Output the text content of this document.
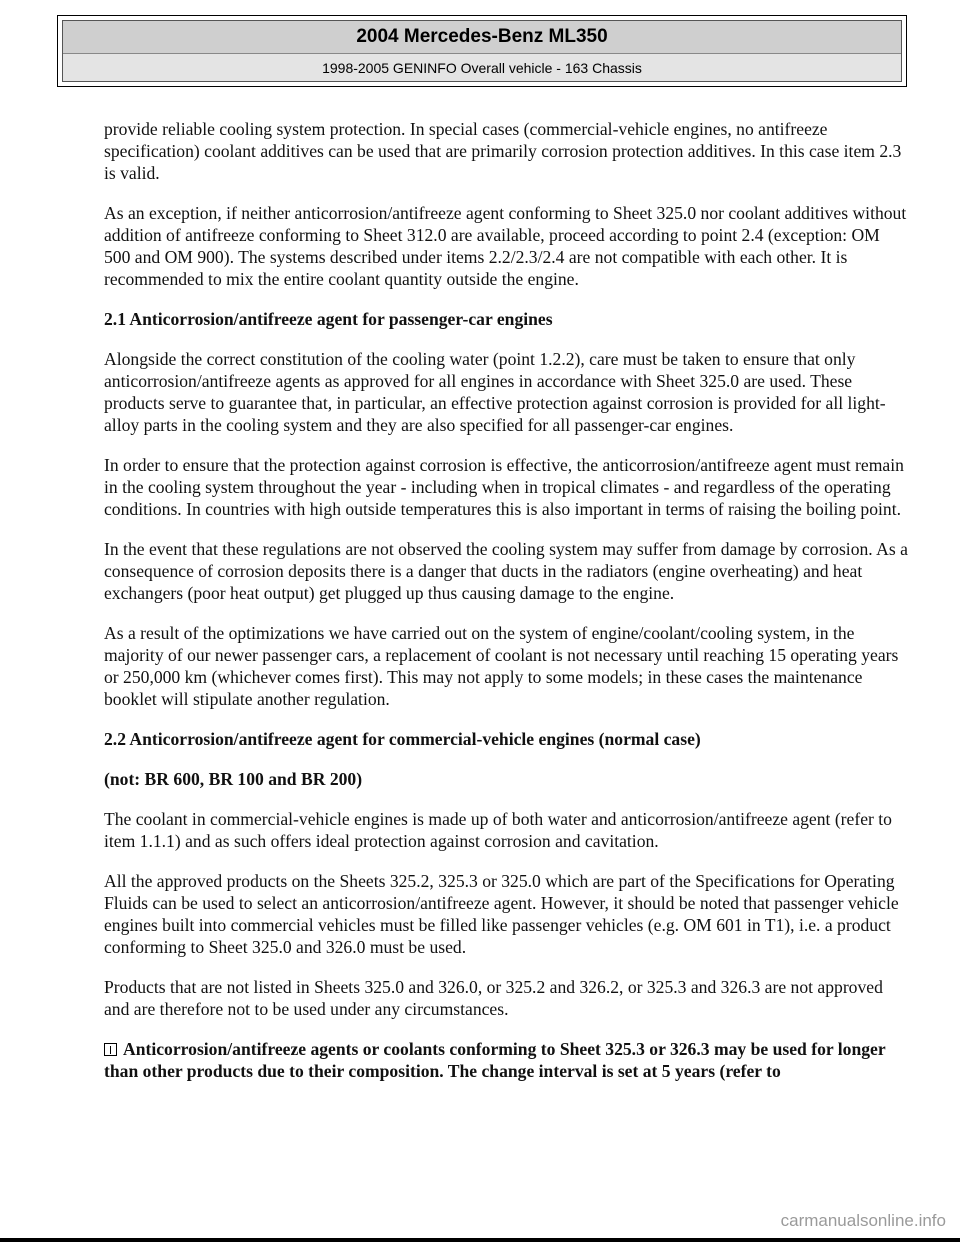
2004 Mercedes-Benz ML350
1998-2005 GENINFO Overall vehicle - 163 Chassis

provide reliable cooling system protection. In special cases (commercial-vehicle engines, no antifreeze specification) coolant additives can be used that are primarily corrosion protection additives. In this case item 2.3 is valid.

As an exception, if neither anticorrosion/antifreeze agent conforming to Sheet 325.0 nor coolant additives without addition of antifreeze conforming to Sheet 312.0 are available, proceed according to point 2.4 (exception: OM 500 and OM 900). The systems described under items 2.2/2.3/2.4 are not compatible with each other. It is recommended to mix the entire coolant quantity outside the engine.

2.1 Anticorrosion/antifreeze agent for passenger-car engines

Alongside the correct constitution of the cooling water (point 1.2.2), care must be taken to ensure that only anticorrosion/antifreeze agents as approved for all engines in accordance with Sheet 325.0 are used. These products serve to guarantee that, in particular, an effective protection against corrosion is provided for all light-alloy parts in the cooling system and they are also specified for all passenger-car engines.

In order to ensure that the protection against corrosion is effective, the anticorrosion/antifreeze agent must remain in the cooling system throughout the year - including when in tropical climates - and regardless of the operating conditions. In countries with high outside temperatures this is also important in terms of raising the boiling point.

In the event that these regulations are not observed the cooling system may suffer from damage by corrosion. As a consequence of corrosion deposits there is a danger that ducts in the radiators (engine overheating) and heat exchangers (poor heat output) get plugged up thus causing damage to the engine.

As a result of the optimizations we have carried out on the system of engine/coolant/cooling system, in the majority of our newer passenger cars, a replacement of coolant is not necessary until reaching 15 operating years or 250,000 km (whichever comes first). This may not apply to some models; in these cases the maintenance booklet will stipulate another regulation.

2.2 Anticorrosion/antifreeze agent for commercial-vehicle engines (normal case)

(not: BR 600, BR 100 and BR 200)

The coolant in commercial-vehicle engines is made up of both water and anticorrosion/antifreeze agent (refer to item 1.1.1) and as such offers ideal protection against corrosion and cavitation.

All the approved products on the Sheets 325.2, 325.3 or 325.0 which are part of the Specifications for Operating Fluids can be used to select an anticorrosion/antifreeze agent. However, it should be noted that passenger vehicle engines built into commercial vehicles must be filled like passenger vehicles (e.g. OM 601 in T1), i.e. a product conforming to Sheet 325.0 and 326.0 must be used.

Products that are not listed in Sheets 325.0 and 326.0, or 325.2 and 326.2, or 325.3 and 326.3 are not approved and are therefore not to be used under any circumstances.

Anticorrosion/antifreeze agents or coolants conforming to Sheet 325.3 or 326.3 may be used for longer than other products due to their composition. The change interval is set at 5 years (refer to

carmanualsonline.info
